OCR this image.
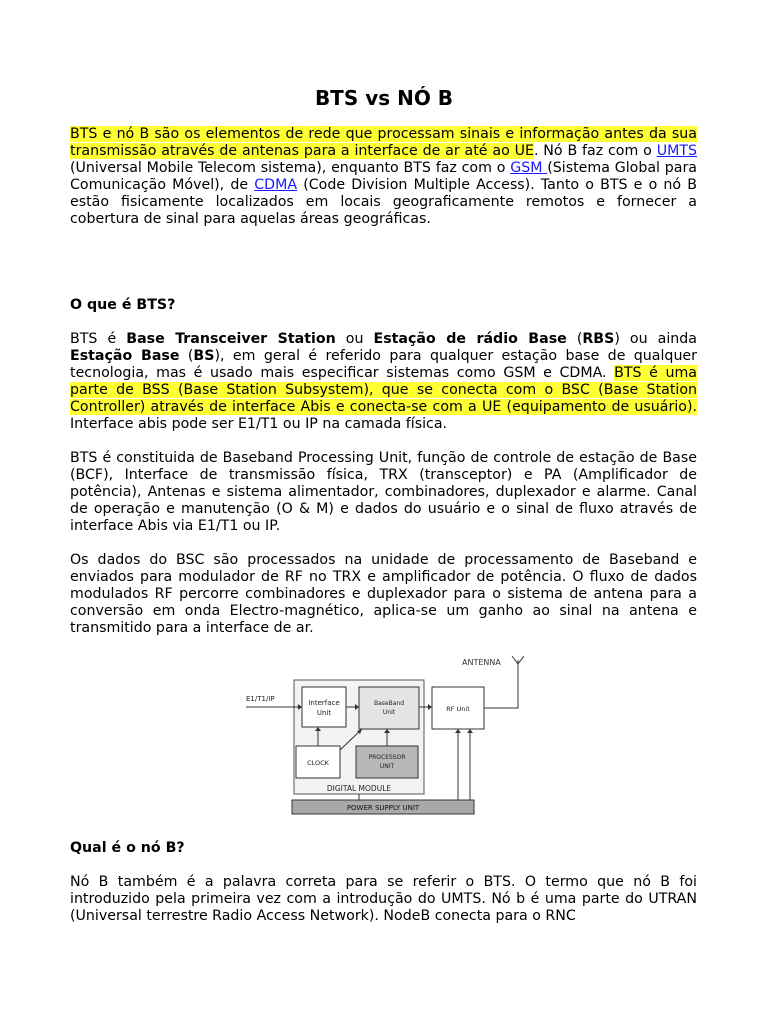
BTS vs NÓ B

BTS e nó B são os elementos de rede que processam sinais e informação antes da sua transmissão através de antenas para a interface de ar até ao UE. Nó B faz com o UMTS (Universal Mobile Telecom sistema), enquanto BTS faz com o GSM (Sistema Global para Comunicação Móvel), de CDMA (Code Division Multiple Access). Tanto o BTS e o nó B estão fisicamente localizados em locais geograficamente remotos e fornecer a cobertura de sinal para aquelas áreas geográficas.

O que é BTS?

BTS é Base Transceiver Station ou Estação de rádio Base (RBS) ou ainda Estação Base (BS), em geral é referido para qualquer estação base de qualquer tecnologia, mas é usado mais especificar sistemas como GSM e CDMA. BTS é uma parte de BSS (Base Station Subsystem), que se conecta com o BSC (Base Station Controller) através de interface Abis e conecta-se com a UE (equipamento de usuário). Interface abis pode ser E1/T1 ou IP na camada física.

BTS é constituida de Baseband Processing Unit, função de controle de estação de Base (BCF), Interface de transmissão física, TRX (transceptor) e PA (Amplificador de potência), Antenas e sistema alimentador, combinadores, duplexador e alarme. Canal de operação e manutenção (O & M) e dados do usuário e o sinal de fluxo através de interface Abis via E1/T1 ou IP.

Os dados do BSC são processados na unidade de processamento de Baseband e enviados para modulador de RF no TRX e amplificador de potência. O fluxo de dados modulados RF percorre combinadores e duplexador para o sistema de antena para a conversão em onda Electro-magnético, aplica-se um ganho ao sinal na antena e transmitido para a interface de ar.

ANTENNA
RF Unit
DIGITAL MODULE
E1/T1/IP	Interface
Unit
BaseBand
Unit
CLOCK
PROCESSOR
UNIT
POWER SUPPLY UNIT
Qual é o nó B?

Nó B também é a palavra correta para se referir o BTS. O termo que nó B foi introduzido pela primeira vez com a introdução do UMTS. Nó b é uma parte do UTRAN (Universal terrestre Radio Access Network). NodeB conecta para o RNC
